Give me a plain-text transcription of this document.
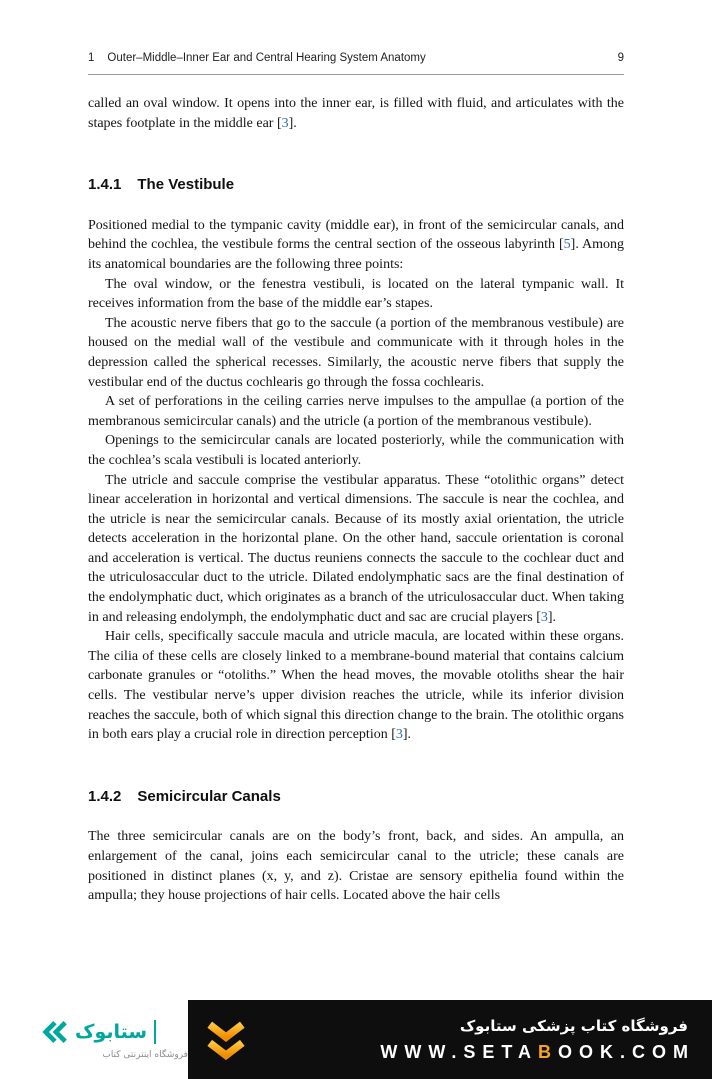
1 Outer–Middle–Inner Ear and Central Hearing System Anatomy	9

called an oval window. It opens into the inner ear, is filled with fluid, and articulates with the stapes footplate in the middle ear [3].

1.4.1 The Vestibule

Positioned medial to the tympanic cavity (middle ear), in front of the semicircular canals, and behind the cochlea, the vestibule forms the central section of the osseous labyrinth [5]. Among its anatomical boundaries are the following three points:

The oval window, or the fenestra vestibuli, is located on the lateral tympanic wall. It receives information from the base of the middle ear’s stapes.

The acoustic nerve fibers that go to the saccule (a portion of the membranous vestibule) are housed on the medial wall of the vestibule and communicate with it through holes in the depression called the spherical recesses. Similarly, the acoustic nerve fibers that supply the vestibular end of the ductus cochlearis go through the fossa cochlearis.

A set of perforations in the ceiling carries nerve impulses to the ampullae (a portion of the membranous semicircular canals) and the utricle (a portion of the membranous vestibule).

Openings to the semicircular canals are located posteriorly, while the communication with the cochlea’s scala vestibuli is located anteriorly.

The utricle and saccule comprise the vestibular apparatus. These “otolithic organs” detect linear acceleration in horizontal and vertical dimensions. The saccule is near the cochlea, and the utricle is near the semicircular canals. Because of its mostly axial orientation, the utricle detects acceleration in the horizontal plane. On the other hand, saccule orientation is coronal and acceleration is vertical. The ductus reuniens connects the saccule to the cochlear duct and the utriculosaccular duct to the utricle. Dilated endolymphatic sacs are the final destination of the endolymphatic duct, which originates as a branch of the utriculosaccular duct. When taking in and releasing endolymph, the endolymphatic duct and sac are crucial players [3].

Hair cells, specifically saccule macula and utricle macula, are located within these organs. The cilia of these cells are closely linked to a membrane-bound material that contains calcium carbonate granules or “otoliths.” When the head moves, the movable otoliths shear the hair cells. The vestibular nerve’s upper division reaches the utricle, while its inferior division reaches the saccule, both of which signal this direction change to the brain. The otolithic organs in both ears play a crucial role in direction perception [3].

1.4.2 Semicircular Canals

The three semicircular canals are on the body’s front, back, and sides. An ampulla, an enlargement of the canal, joins each semicircular canal to the utricle; these canals are positioned in distinct planes (x, y, and z). Cristae are sensory epithelia found within the ampulla; they house projections of hair cells. Located above the hair cells

ستابوک
فروشگاه اینترنتی کتاب
فروشگاه کتاب پزشکی ستابوک
WWW.SETABOOK.COM
